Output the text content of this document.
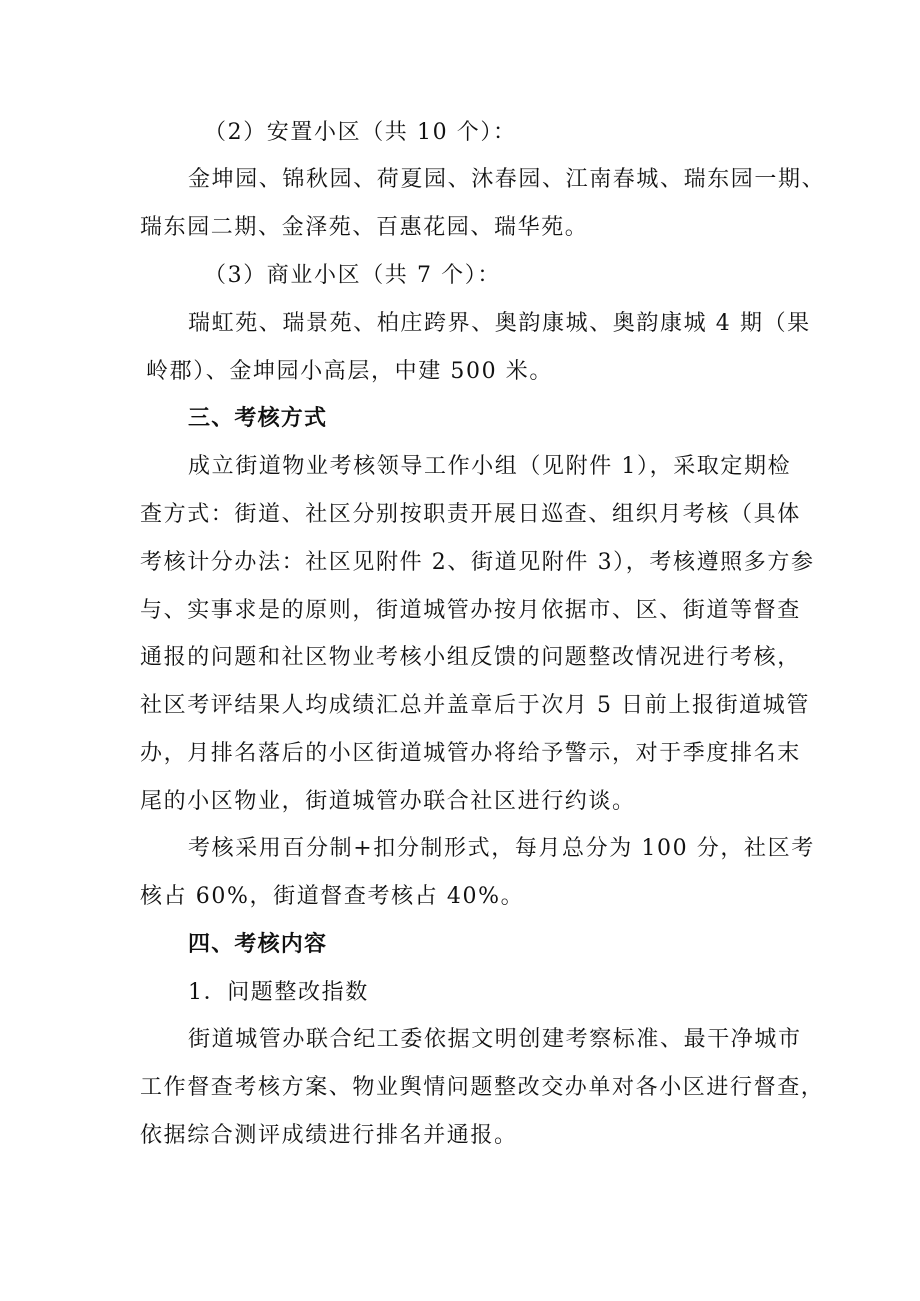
（2）安置小区（共 10 个）：
金坤园、锦秋园、荷夏园、沐春园、江南春城、瑞东园一期、
瑞东园二期、金泽苑、百惠花园、瑞华苑。
（3）商业小区（共 7 个）：
瑞虹苑、瑞景苑、柏庄跨界、奥韵康城、奥韵康城 4 期（果
岭郡）、金坤园小高层，中建 500 米。
三、考核方式
成立街道物业考核领导工作小组（见附件 1），采取定期检
查方式：街道、社区分别按职责开展日巡查、组织月考核（具体
考核计分办法：社区见附件 2、街道见附件 3），考核遵照多方参
与、实事求是的原则，街道城管办按月依据市、区、街道等督查
通报的问题和社区物业考核小组反馈的问题整改情况进行考核，
社区考评结果人均成绩汇总并盖章后于次月 5 日前上报街道城管
办，月排名落后的小区街道城管办将给予警示，对于季度排名末
尾的小区物业，街道城管办联合社区进行约谈。
考核采用百分制+扣分制形式，每月总分为 100 分，社区考
核占 60%，街道督查考核占 40%。
四、考核内容
1．问题整改指数
街道城管办联合纪工委依据文明创建考察标准、最干净城市
工作督查考核方案、物业舆情问题整改交办单对各小区进行督查，
依据综合测评成绩进行排名并通报。
